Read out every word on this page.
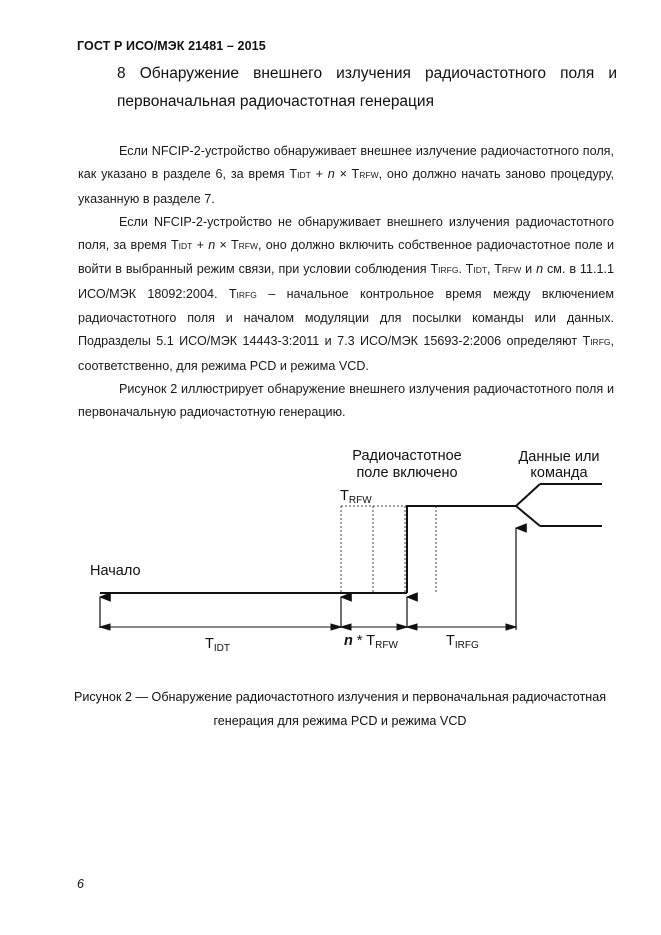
ГОСТ Р ИСО/МЭК 21481 – 2015
8 Обнаружение внешнего излучения радиочастотного поля и
первоначальная радиочастотная генерация

Если NFCIP-2-устройство обнаруживает внешнее излучение радиочастотного поля, как указано в разделе 6, за время TIDT + n × TRFW, оно должно начать заново процедуру, указанную в разделе 7.

Если NFCIP-2-устройство не обнаруживает внешнего излучения радиочастотного поля, за время TIDT + n × TRFW, оно должно включить собственное радиочастотное поле и войти в выбранный режим связи, при условии соблюдения TIRFG. TIDT, TRFW и n см. в 11.1.1 ИСО/МЭК 18092:2004. TIRFG – начальное контрольное время между включением радиочастотного поля и началом модуляции для посылки команды или данных. Подразделы 5.1 ИСО/МЭК 14443-3:2011 и 7.3 ИСО/МЭК 15693-2:2006 определяют TIRFG, соответственно, для режима PCD и режима VCD.

Рисунок 2 иллюстрирует обнаружение внешнего излучения радиочастотного поля и первоначальную радиочастотную генерацию.

Радиочастотное
поле включено
Данные или
команда
Начало
$T_{RFW}$
$T_{IDT}$	n * $T_{RFW}$	$T_{IRFG}$
Рисунок 2 — Обнаружение радиочастотного излучения и первоначальная радиочастотная
генерация для режима PCD и режима VCD
6
